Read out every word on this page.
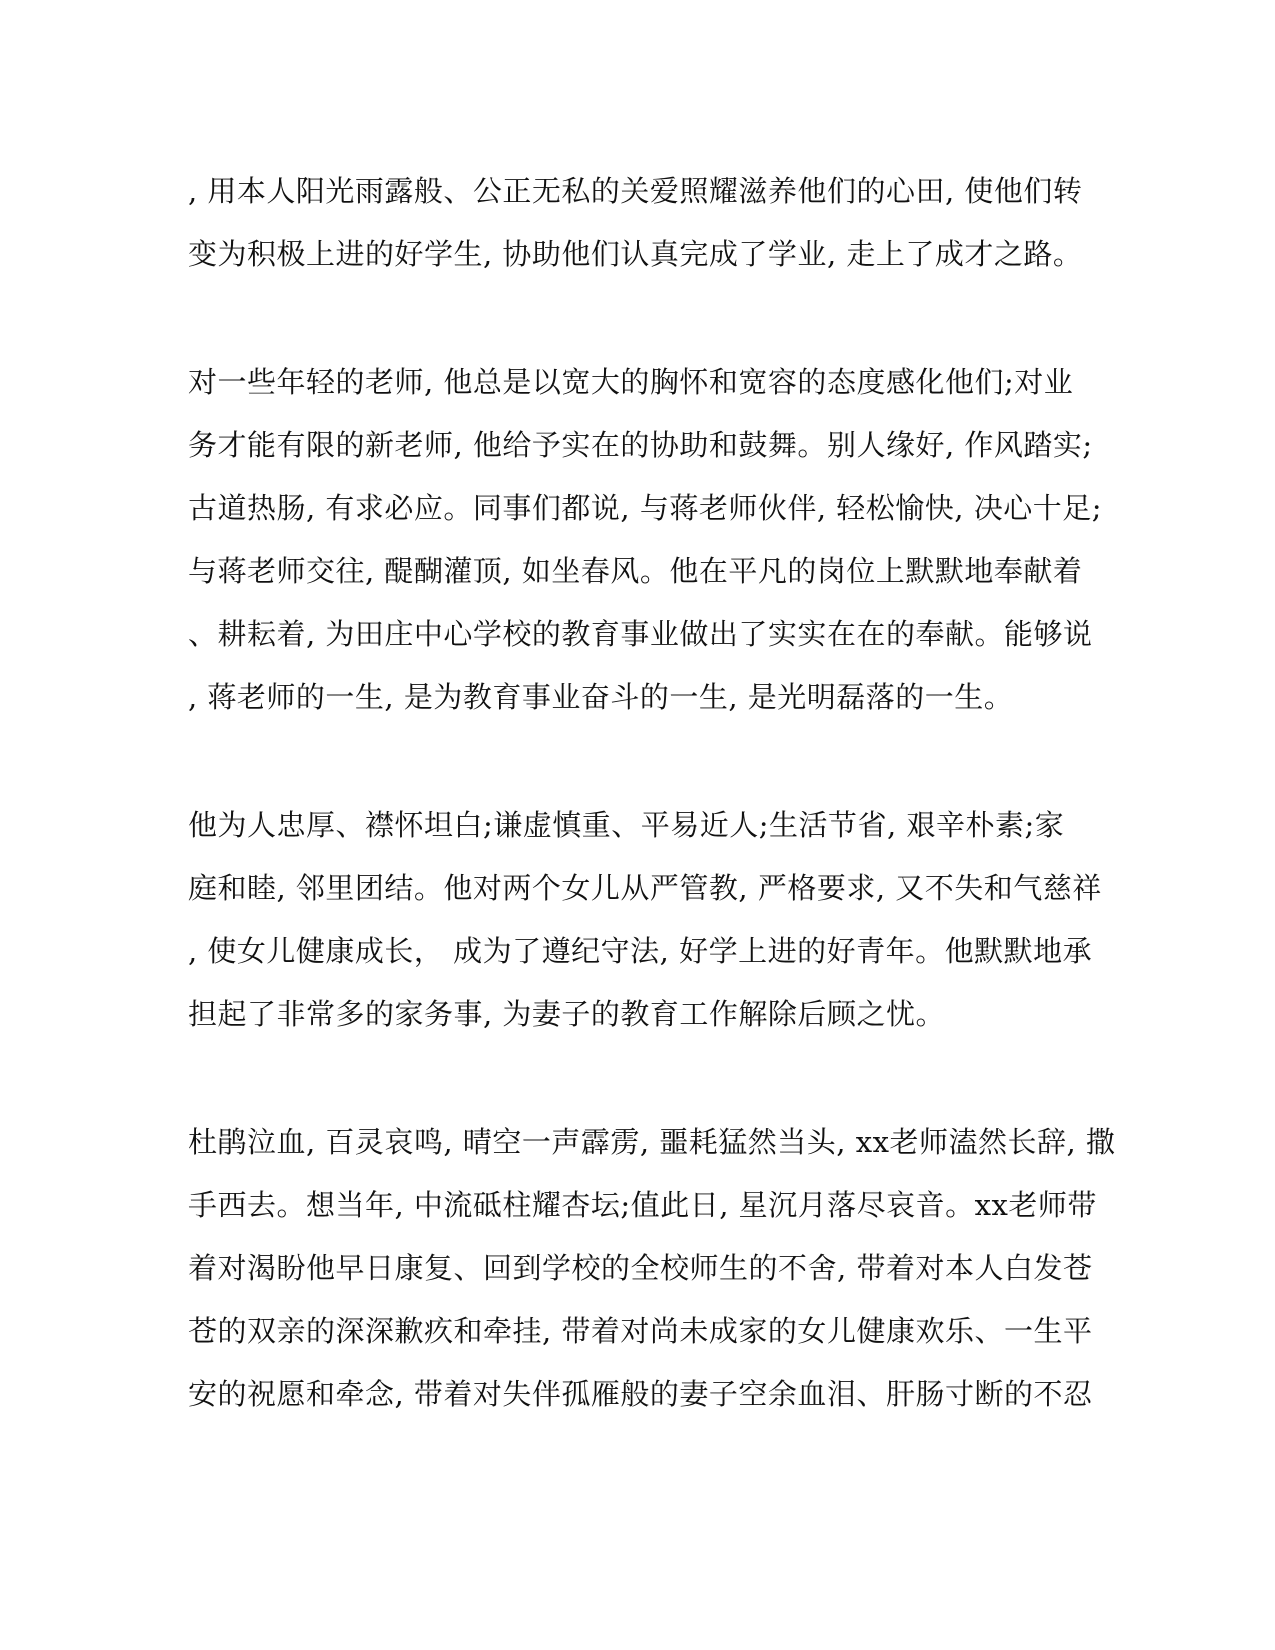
, 用本人阳光雨露般、公正无私的关爱照耀滋养他们的心田, 使他们转
变为积极上进的好学生, 协助他们认真完成了学业, 走上了成才之路。
对一些年轻的老师, 他总是以宽大的胸怀和宽容的态度感化他们;对业
务才能有限的新老师, 他给予实在的协助和鼓舞。别人缘好, 作风踏实;
古道热肠, 有求必应。同事们都说, 与蒋老师伙伴, 轻松愉快, 决心十足;
与蒋老师交往, 醍醐灌顶, 如坐春风。他在平凡的岗位上默默地奉献着
、耕耘着, 为田庄中心学校的教育事业做出了实实在在的奉献。能够说
, 蒋老师的一生, 是为教育事业奋斗的一生, 是光明磊落的一生。
他为人忠厚、襟怀坦白;谦虚慎重、平易近人;生活节省, 艰辛朴素;家
庭和睦, 邻里团结。他对两个女儿从严管教, 严格要求, 又不失和气慈祥
, 使女儿健康成长， 成为了遵纪守法, 好学上进的好青年。他默默地承
担起了非常多的家务事, 为妻子的教育工作解除后顾之忧。
杜鹃泣血, 百灵哀鸣, 晴空一声霹雳, 噩耗猛然当头, xx老师溘然长辞, 撒
手西去。想当年, 中流砥柱耀杏坛;值此日, 星沉月落尽哀音。xx老师带
着对渴盼他早日康复、回到学校的全校师生的不舍, 带着对本人白发苍
苍的双亲的深深歉疚和牵挂, 带着对尚未成家的女儿健康欢乐、一生平
安的祝愿和牵念, 带着对失伴孤雁般的妻子空余血泪、肝肠寸断的不忍
